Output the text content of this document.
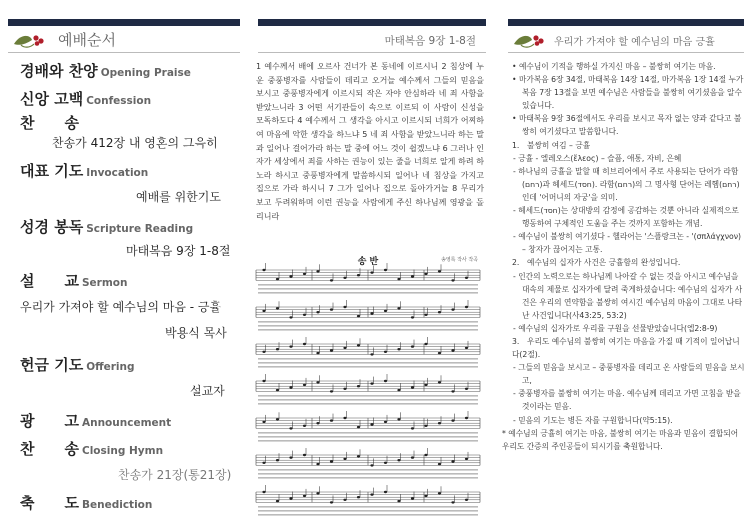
예배순서
경배와 찬양 Opening Praise
신앙 고백 Confession
찬　　송
찬송가 412장 내 영혼의 그윽히
대표 기도 Invocation
예배를 위한기도
성경 봉독 Scripture Reading
마태복음 9장 1-8절
설　　교 Sermon
우리가 가져야 할 예수님의 마음 - 긍휼
박용식 목사
헌금 기도 Offering
설교자
광　　고 Announcement
찬　　송 Closing Hymn
찬송가 21장(통21장)
축　　도 Benediction
마태복음 9장 1-8절
1 예수께서 배에 오르사 건너가 본 동네에 이르시니 2 침상에 누운 중풍병자를 사람들이 데리고 오거늘 예수께서 그들의 믿음을 보시고 중풍병자에게 이르시되 작은 자야 안심하라 네 죄 사함을 받았느니라 3 어떤 서기관들이 속으로 이르되 이 사람이 신성을 모독하도다 4 예수께서 그 생각을 아시고 이르시되 너희가 어찌하여 마음에 악한 생각을 하느냐 5 네 죄 사함을 받았느니라 하는 말과 일어나 걸어가라 하는 말 중에 어느 것이 쉽겠느냐 6 그러나 인자가 세상에서 죄를 사하는 권능이 있는 줄을 너희로 알게 하려 하노라 하시고 중풍병자에게 말씀하시되 일어나 네 침상을 가지고 집으로 가라 하시니 7 그가 일어나 집으로 돌아가거늘 8 무리가 보고 두려워하며 이런 권능을 사람에게 주신 하나님께 영광을 돌리니라
송 반	송영록 작사 작곡
우리가 가져야 할 예수님의 마음 긍휼

• 예수님이 기적을 행하실 가지신 마음 – 불쌍히 여기는 마음.

• 마가복음 6장 34절, 마태복음 14장 14절, 마가복음 1장 14절 누가복음 7장 13절을 보면 예수님은 사람들을 불쌍히 여기셨음을 알수있습니다.

• 마태복음 9장 36절에서도 우리를 보시고 목자 없는 양과 같다고 불쌍히 여기셨다고 말씀합니다.

1.　불쌍히 여김 – 긍휼

- 긍휼 - 엘레오스(ἔλεος) – 슬픔, 애통, 자비, 은혜

- 하나님의 긍휼을 말할 때 히브리어에서 주로 사용되는 단어가 라함(רחם)과 헤세드(חסד). 라함(רחם)의 그 명사형 단어는 레헴(רחם)인데 '어머니의 자궁'을 의미.

- 헤세드(חסד)는 상대방의 감정에 공감하는 것뿐 아니라 실제적으로 행동하여 구체적인 도움을 주는 것까지 포함하는 개념.

- 예수님이 불쌍히 여기셨다 - 헬라어는 '스플랑크논 - '(σπλάγχνον) – 창자가 끊어지는 고통.

2.　예수님의 십자가 사건은 긍휼함의 완성입니다.

- 인간의 노력으로는 하나님께 나아갈 수 없는 것을 아시고 예수님을 대속의 제물로 십자가에 달려 죽게하셨습니다: 예수님의 십자가 사건은 우리의 연약함을 불쌍히 여시긴 예수님의 마음이 그대로 나타난 사건입니다(사43:25, 53:2)

- 예수님의 십자가로 우리를 구원을 선물받았습니다(엡2:8-9)

3.　우리도 예수님의 불쌍히 여기는 마음을 가질 때 기적이 일어납니다(2절).

- 그들의 믿음을 보시고 – 중풍병자를 데리고 온 사람들의 믿음을 보시고,

- 중풍병자를 불쌍히 여기는 마음. 예수님께 데리고 가면 고침을 받을 것이라는 믿음.

- 믿음의 기도는 병든 자를 구원합니다(약5:15).

* 예수님의 긍휼히 여기는 마음, 불쌍히 여기는 마음과 믿음이 결합되어 우리도 간증의 주인공들이 되시기를 축원합니다.
